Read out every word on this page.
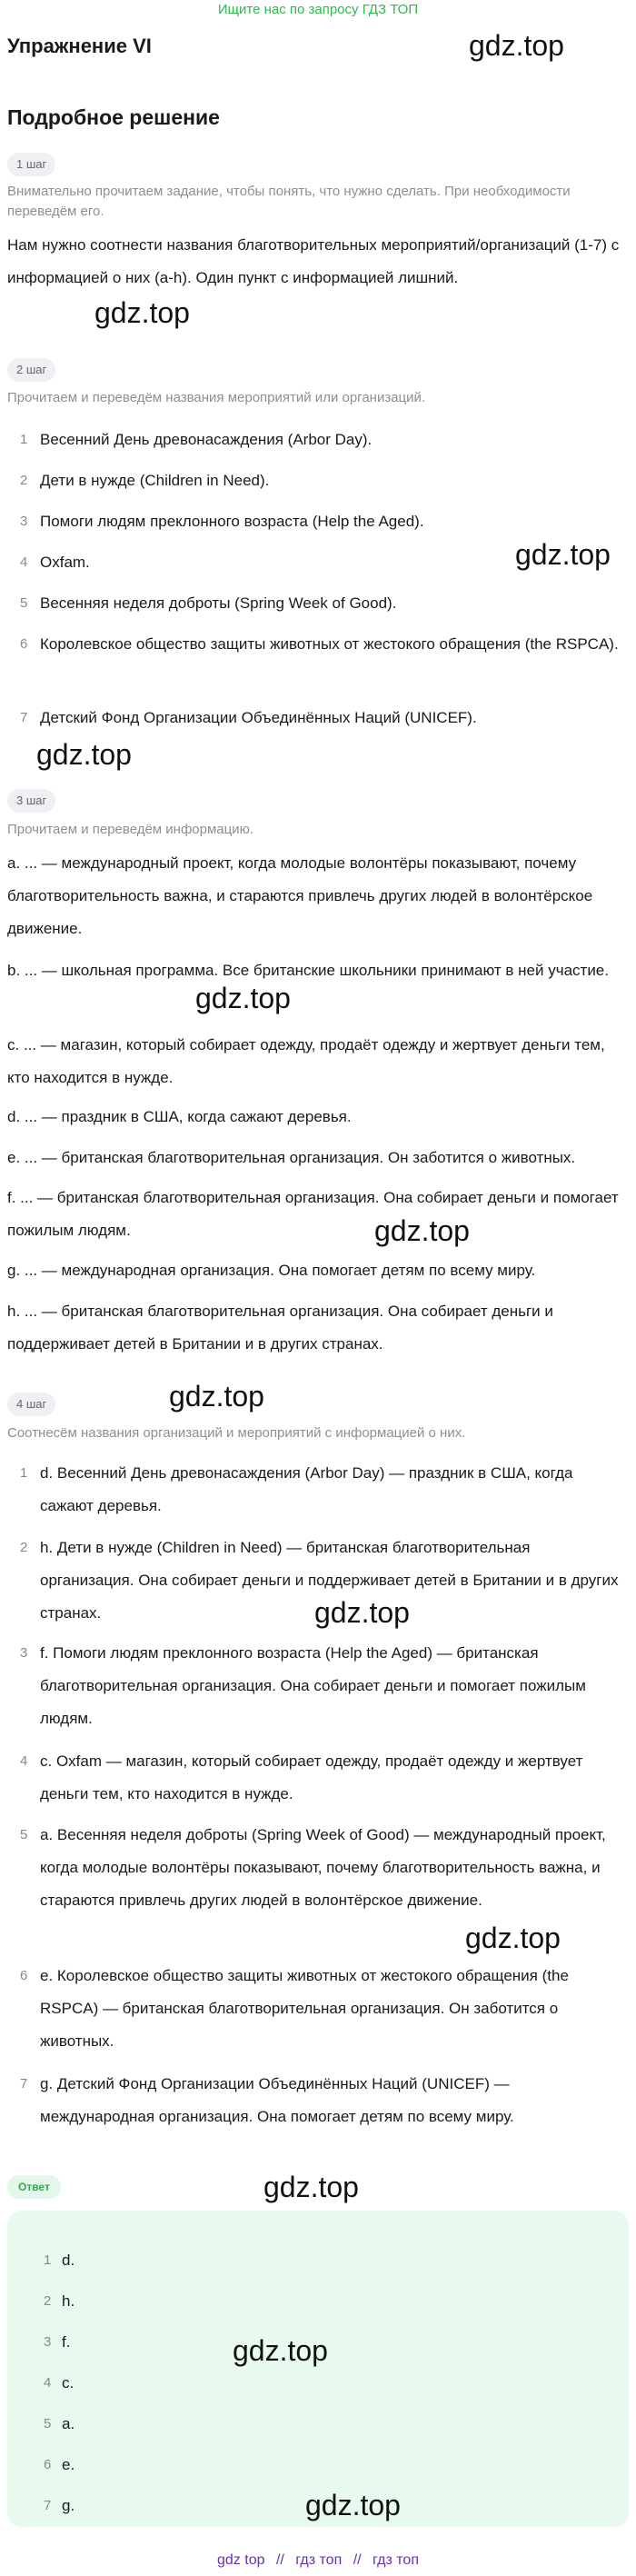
Ищите нас по запросу ГДЗ ТОП
Упражнение VI	gdz.top
Подробное решение
1 шаг
Внимательно прочитаем задание, чтобы понять, что нужно сделать. При необходимости переведём его.
Нам нужно соотнести названия благотворительных мероприятий/организаций (1-7) с информацией о них (a-h). Один пункт с информацией лишний.
gdz.top
2 шаг
Прочитаем и переведём названия мероприятий или организаций.
1 Весенний День древонасаждения (Arbor Day).
2 Дети в нужде (Children in Need).
3 Помоги людям преклонного возраста (Help the Aged).
4 Oxfam.	gdz.top
5 Весенняя неделя доброты (Spring Week of Good).
6 Королевское общество защиты животных от жестокого обращения (the RSPCA).
7 Детский Фонд Организации Объединённых Наций (UNICEF).
gdz.top
3 шаг
Прочитаем и переведём информацию.
a. ... — международный проект, когда молодые волонтёры показывают, почему благотворительность важна, и стараются привлечь других людей в волонтёрское движение.
b. ... — школьная программа. Все британские школьники принимают в ней участие.
gdz.top
c. ... — магазин, который собирает одежду, продаёт одежду и жертвует деньги тем, кто находится в нужде.
d. ... — праздник в США, когда сажают деревья.
e. ... — британская благотворительная организация. Он заботится о животных.
f. ... — британская благотворительная организация. Она собирает деньги и помогает пожилым людям.	gdz.top
g. ... — международная организация. Она помогает детям по всему миру.
h. ... — британская благотворительная организация. Она собирает деньги и поддерживает детей в Британии и в других странах.
gdz.top
4 шаг
Соотнесём названия организаций и мероприятий с информацией о них.
1 d. Весенний День древонасаждения (Arbor Day) — праздник в США, когда сажают деревья.
2 h. Дети в нужде (Children in Need) — британская благотворительная организация. Она собирает деньги и поддерживает детей в Британии и в других странах.	gdz.top
3 f. Помоги людям преклонного возраста (Help the Aged) — британская благотворительная организация. Она собирает деньги и помогает пожилым людям.
4 c. Oxfam — магазин, который собирает одежду, продаёт одежду и жертвует деньги тем, кто находится в нужде.
5 a. Весенняя неделя доброты (Spring Week of Good) — международный проект, когда молодые волонтёры показывают, почему благотворительность важна, и стараются привлечь других людей в волонтёрское движение.
gdz.top
6 e. Королевское общество защиты животных от жестокого обращения (the RSPCA) — британская благотворительная организация. Он заботится о животных.
7 g. Детский Фонд Организации Объединённых Наций (UNICEF) — международная организация. Она помогает детям по всему миру.
Ответ	gdz.top
1 d.
2 h.
3 f.	gdz.top
4 c.
5 a.
6 e.
7 g.	gdz.top
gdz top // гдз топ // гдз топ
